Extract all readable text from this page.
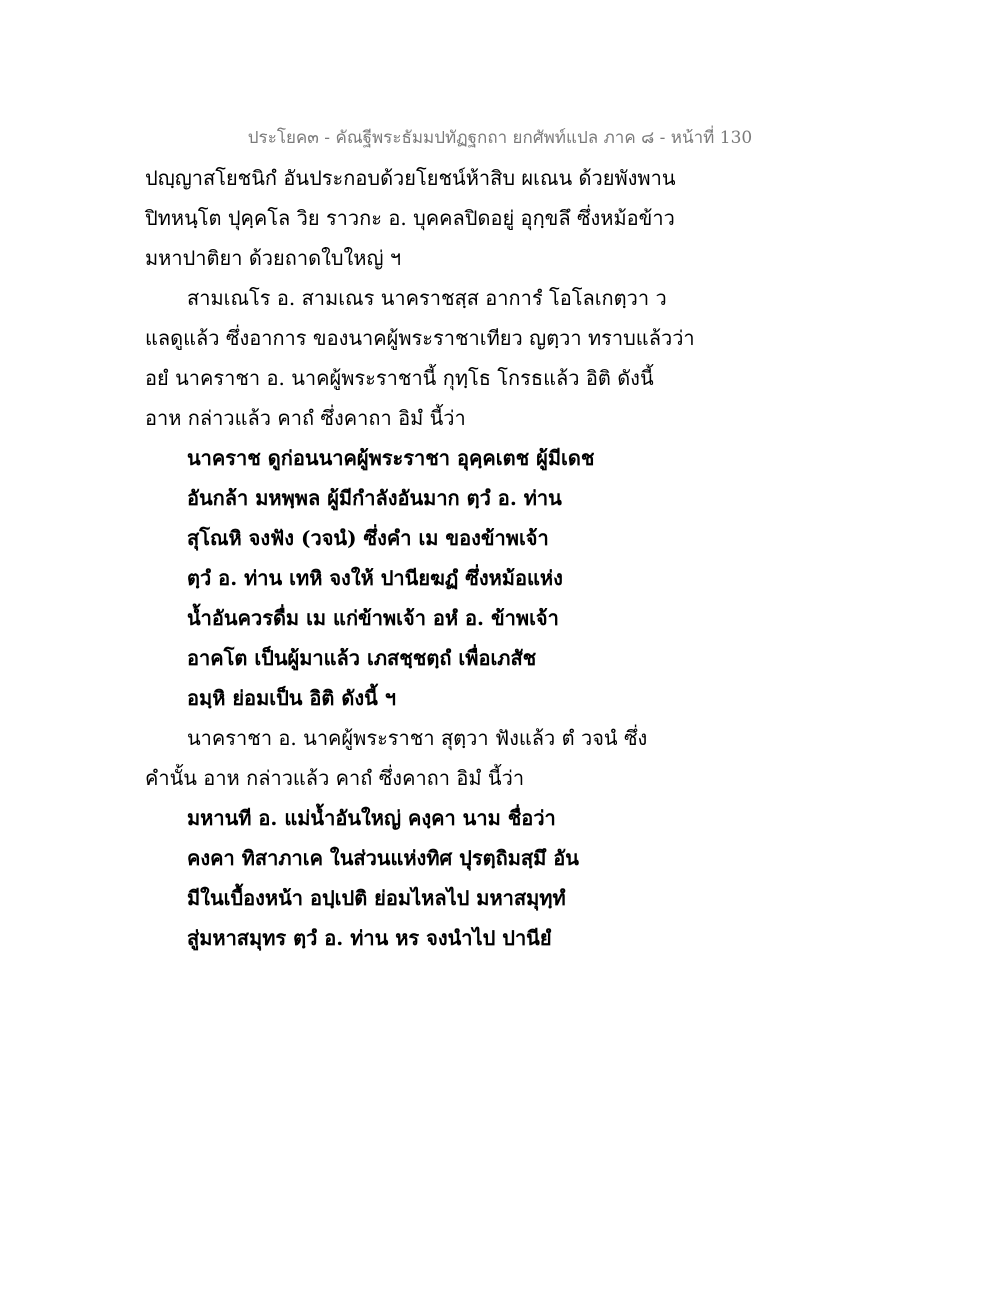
ประโยค๓ - คัณฐีพระธัมมปทัฏฐกถา ยกศัพท์แปล ภาค ๘ - หน้าที่ 130
ปญฺญาสโยชนิกํ อันประกอบด้วยโยชน์ห้าสิบ ผเณน ด้วยพังพาน
ปิทหนฺโต ปุคฺคโล วิย ราวกะ อ. บุคคลปิดอยู่ อุกฺขลึ ซึ่งหม้อข้าว
มหาปาติยา ด้วยถาดใบใหญ่ ฯ
สามเณโร อ. สามเณร นาคราชสฺส อาการํ โอโลเกตฺวา ว
แลดูแล้ว ซึ่งอาการ ของนาคผู้พระราชาเทียว ญตฺวา ทราบแล้วว่า
อยํ นาคราชา อ. นาคผู้พระราชานี้ กุทฺโธ โกรธแล้ว อิติ ดังนี้
อาห กล่าวแล้ว คาถํ ซึ่งคาถา อิมํ นี้ว่า
นาคราช ดูก่อนนาคผู้พระราชา อุคฺคเตช ผู้มีเดช
อันกล้า มหพฺพล ผู้มีกำลังอันมาก ตฺวํ อ. ท่าน
สุโณหิ จงฟัง (วจนํ) ซึ่งคำ เม ของข้าพเจ้า
ตฺวํ อ. ท่าน เทหิ จงให้ ปานียฆฏํ ซึ่งหม้อแห่ง
น้ำอันควรดื่ม เม แก่ข้าพเจ้า อหํ อ. ข้าพเจ้า
อาคโต เป็นผู้มาแล้ว เภสชฺชตฺถํ เพื่อเภสัช
อมฺหิ ย่อมเป็น อิติ ดังนี้ ฯ
นาคราชา อ. นาคผู้พระราชา สุตฺวา ฟังแล้ว ตํ วจนํ ซึ่ง
คำนั้น อาห กล่าวแล้ว คาถํ ซึ่งคาถา อิมํ นี้ว่า
มหานที อ. แม่น้ำอันใหญ่ คงฺคา นาม ชื่อว่า
คงคา ทิสาภาเค ในส่วนแห่งทิศ ปุรตฺถิมสฺมึ อัน
มีในเบื้องหน้า อปฺเปติ ย่อมไหลไป มหาสมุทฺทํ
สู่มหาสมุทร ตฺวํ อ. ท่าน หร จงนำไป ปานียํ
